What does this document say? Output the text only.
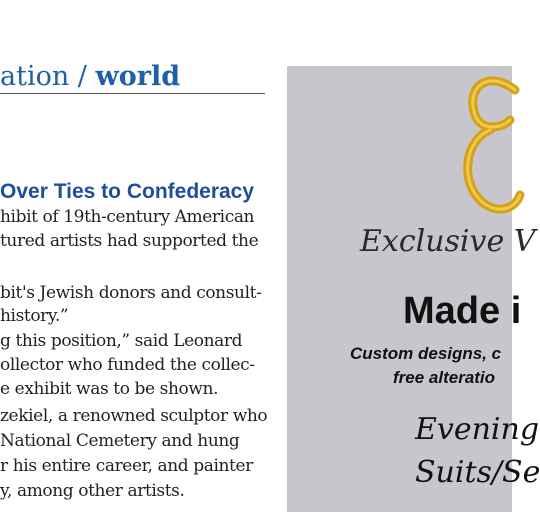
ation / world
Over Ties to Confederacy
hibit of 19th-century American
tured artists had supported the
bit's Jewish donors and consult-
history.”
g this position,” said Leonard
ollector who funded the collec-
e exhibit was to be shown.
zekiel, a renowned sculptor who
National Cemetery and hung
r his entire career, and painter
y, among other artists.
Exclusive V
Made i
Custom designs, c
free alteratio
Evening
Suits/Se
